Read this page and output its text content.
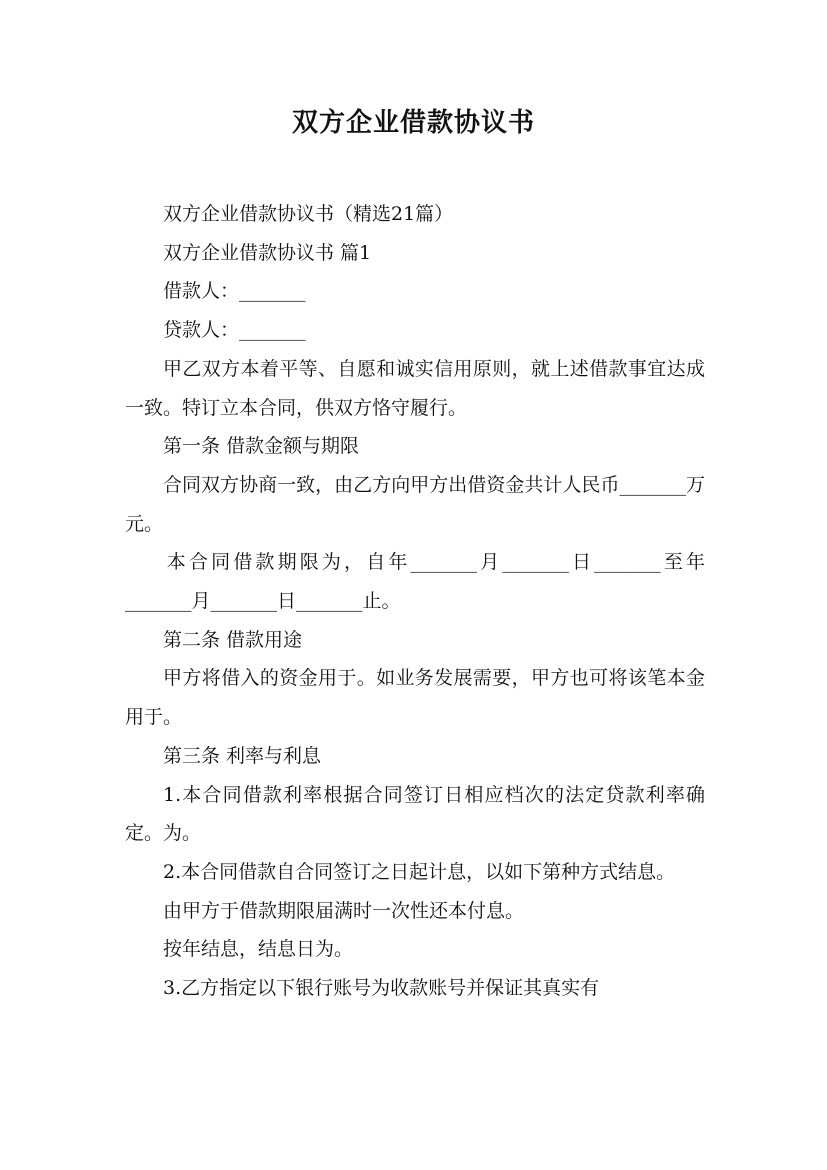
双方企业借款协议书

双方企业借款协议书（精选21篇）

双方企业借款协议书 篇1

借款人：_______

贷款人：_______

甲乙双方本着平等、自愿和诚实信用原则，就上述借款事宜达成一致。特订立本合同，供双方恪守履行。

第一条 借款金额与期限

合同双方协商一致，由乙方向甲方出借资金共计人民币_______万元。

本合同借款期限为，自年_______月_______日_______至年_______月_______日_______止。

第二条 借款用途

甲方将借入的资金用于。如业务发展需要，甲方也可将该笔本金用于。

第三条 利率与利息

1.本合同借款利率根据合同签订日相应档次的法定贷款利率确定。为。

2.本合同借款自合同签订之日起计息，以如下第种方式结息。

由甲方于借款期限届满时一次性还本付息。

按年结息，结息日为。

3.乙方指定以下银行账号为收款账号并保证其真实有
